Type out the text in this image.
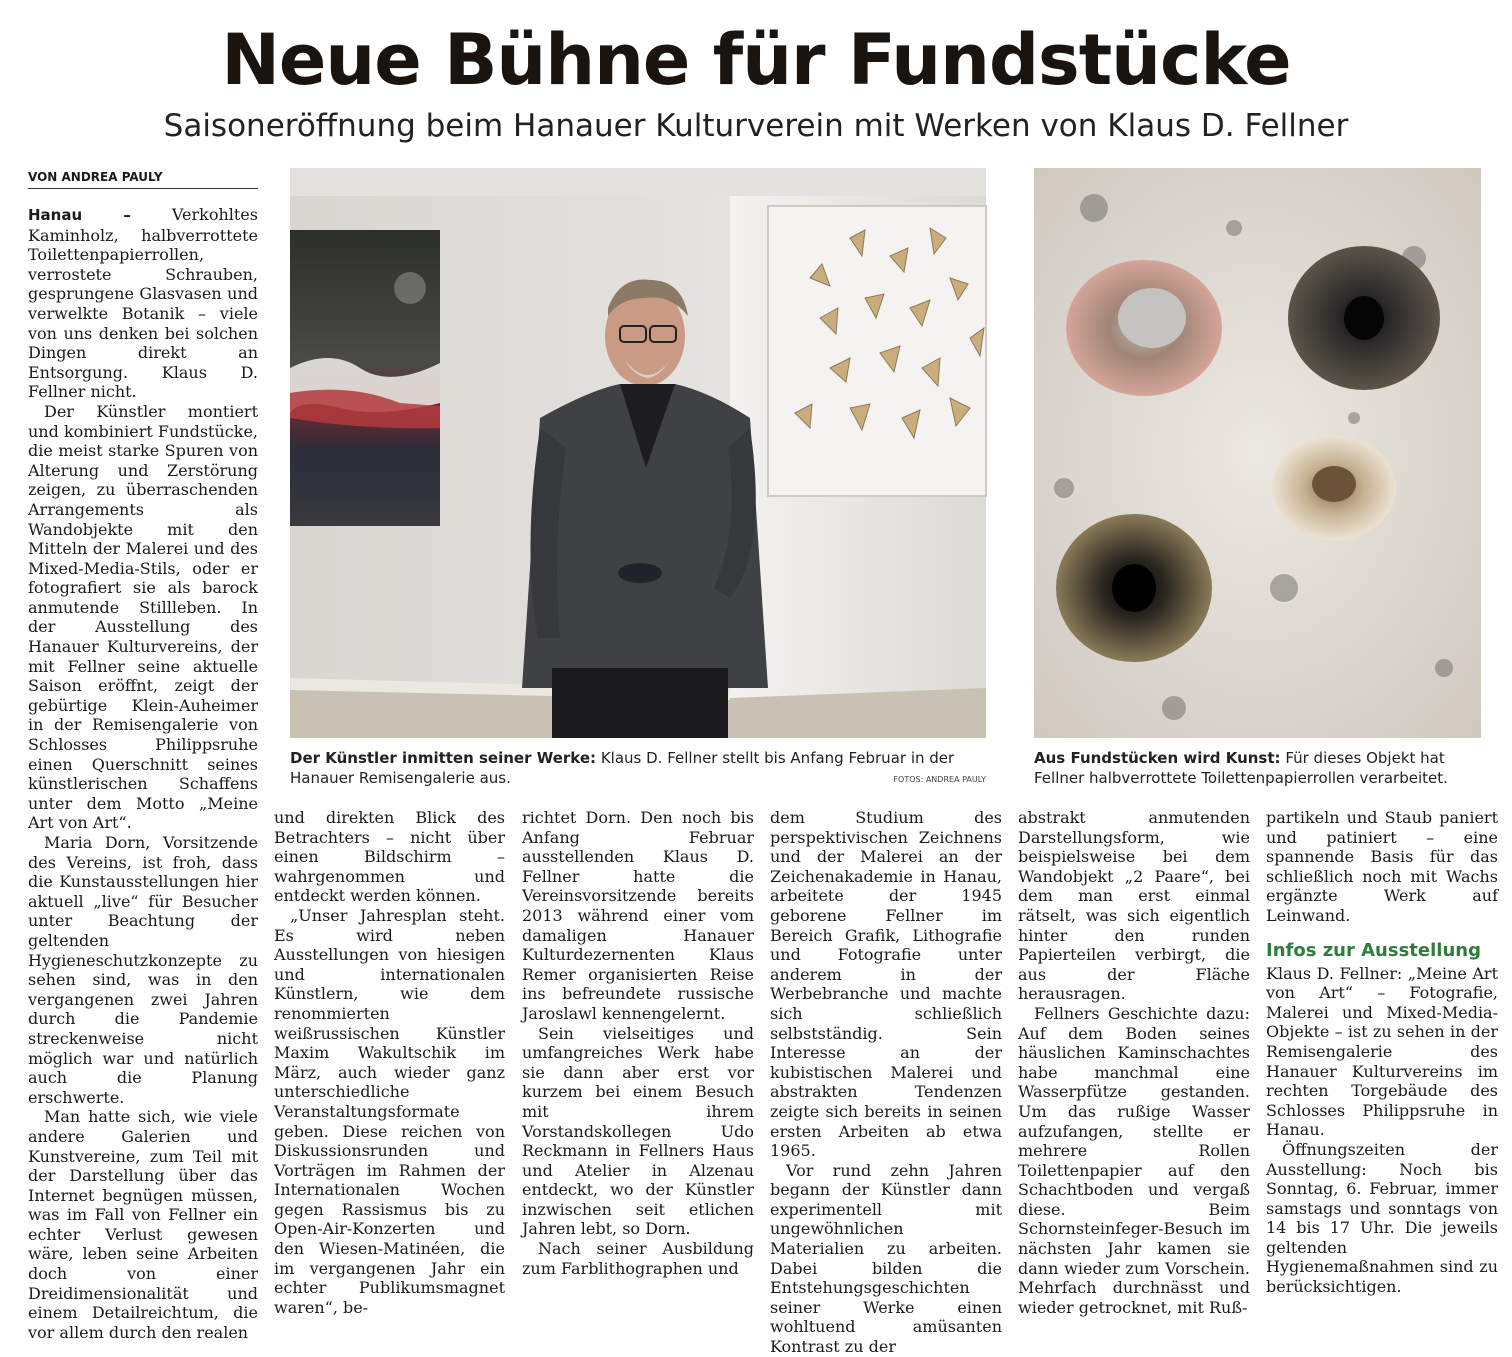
Neue Bühne für Fundstücke
Saisoneröffnung beim Hanauer Kulturverein mit Werken von Klaus D. Fellner
VON ANDREA PAULY

Hanau –	Verkohltes Kaminholz, halbverrottete Toilettenpapierrollen, verrostete Schrauben, gesprungene Glasvasen und verwelkte Botanik – viele von uns denken bei solchen Dingen direkt an Entsorgung. Klaus D. Fellner nicht.

Der Künstler montiert und kombiniert Fundstücke, die meist starke Spuren von Alterung und Zerstörung zeigen, zu überraschenden Arrangements als Wandobjekte mit den Mitteln der Malerei und des Mixed-Media-Stils, oder er fotografiert sie als barock anmutende Stillleben. In der Ausstellung des Hanauer Kulturvereins, der mit Fellner seine aktuelle Saison eröffnt, zeigt der gebürtige Klein-Auheimer in der Remisengalerie von Schlosses Philippsruhe einen Querschnitt seines künstlerischen Schaffens unter dem Motto „Meine Art von Art“.

Maria Dorn, Vorsitzende des Vereins, ist froh, dass die Kunstausstellungen hier aktuell „live“ für Besucher unter Beachtung der geltenden Hygieneschutzkonzepte zu sehen sind, was in den vergangenen zwei Jahren durch die Pandemie streckenweise nicht möglich war und natürlich auch die Planung erschwerte.

Man hatte sich, wie viele andere Galerien und Kunstvereine, zum Teil mit der Darstellung über das Internet begnügen müssen, was im Fall von Fellner ein echter Verlust gewesen wäre, leben seine Arbeiten doch von einer Dreidimensionalität und einem Detailreichtum, die vor allem durch den realen

Der Künstler inmitten seiner Werke: Klaus D. Fellner stellt bis Anfang Februar in der Hanauer Remisengalerie aus.	FOTOS: ANDREA PAULY
Aus Fundstücken wird Kunst: Für dieses Objekt hat Fellner halbverrottete Toilettenpapierrollen verarbeitet.

und direkten Blick des Betrachters – nicht über einen Bildschirm – wahrgenommen und entdeckt werden können.

„Unser Jahresplan steht. Es wird neben Ausstellungen von hiesigen und internationalen Künstlern, wie dem renommierten weißrussischen Künstler Maxim Wakultschik im März, auch wieder ganz unterschiedliche Veranstaltungsformate geben. Diese reichen von Diskussionsrunden und Vorträgen im Rahmen der Internationalen Wochen gegen Rassismus bis zu Open-Air-Konzerten und den Wiesen-Matinéen, die im vergangenen Jahr ein echter Publikumsmagnet waren“, be-

richtet Dorn. Den noch bis Anfang Februar ausstellenden Klaus D. Fellner hatte die Vereinsvorsitzende bereits 2013 während einer vom damaligen Hanauer Kulturdezernenten Klaus Remer organisierten Reise ins befreundete russische Jaroslawl kennengelernt.

Sein vielseitiges und umfangreiches Werk habe sie dann aber erst vor kurzem bei einem Besuch mit ihrem Vorstandskollegen Udo Reckmann in Fellners Haus und Atelier in Alzenau entdeckt, wo der Künstler inzwischen seit etlichen Jahren lebt, so Dorn.

Nach seiner Ausbildung zum Farblithographen und

dem Studium des perspektivischen Zeichnens und der Malerei an der Zeichenakademie in Hanau, arbeitete der 1945 geborene Fellner im Bereich Grafik, Lithografie und Fotografie unter anderem in der Werbebranche und machte sich schließlich selbstständig. Sein Interesse an der kubistischen Malerei und abstrakten Tendenzen zeigte sich bereits in seinen ersten Arbeiten ab etwa 1965.

Vor rund zehn Jahren begann der Künstler dann experimentell mit ungewöhnlichen Materialien zu arbeiten. Dabei bilden die Entstehungsgeschichten seiner Werke einen wohltuend amüsanten Kontrast zu der

abstrakt anmutenden Darstellungsform, wie beispielsweise bei dem Wandobjekt „2 Paare“, bei dem man erst einmal rätselt, was sich eigentlich hinter den runden Papierteilen verbirgt, die aus der Fläche herausragen.

Fellners Geschichte dazu: Auf dem Boden seines häuslichen Kaminschachtes habe manchmal eine Wasserpfütze gestanden. Um das rußige Wasser aufzufangen, stellte er mehrere Rollen Toilettenpapier auf den Schachtboden und vergaß diese. Beim Schornsteinfeger-Besuch im nächsten Jahr kamen sie dann wieder zum Vorschein. Mehrfach durchnässt und wieder getrocknet, mit Ruß-

partikeln und Staub paniert und patiniert – eine spannende Basis für das schließlich noch mit Wachs ergänzte Werk auf Leinwand.

Infos zur Ausstellung

Klaus D. Fellner: „Meine Art von Art“ – Fotografie, Malerei und Mixed-Media-Objekte – ist zu sehen in der Remisengalerie des Hanauer Kulturvereins im rechten Torgebäude des Schlosses Philippsruhe in Hanau.

Öffnungszeiten der Ausstellung: Noch bis Sonntag, 6. Februar, immer samstags und sonntags von 14 bis 17 Uhr. Die jeweils geltenden Hygienemaßnahmen sind zu berücksichtigen.
